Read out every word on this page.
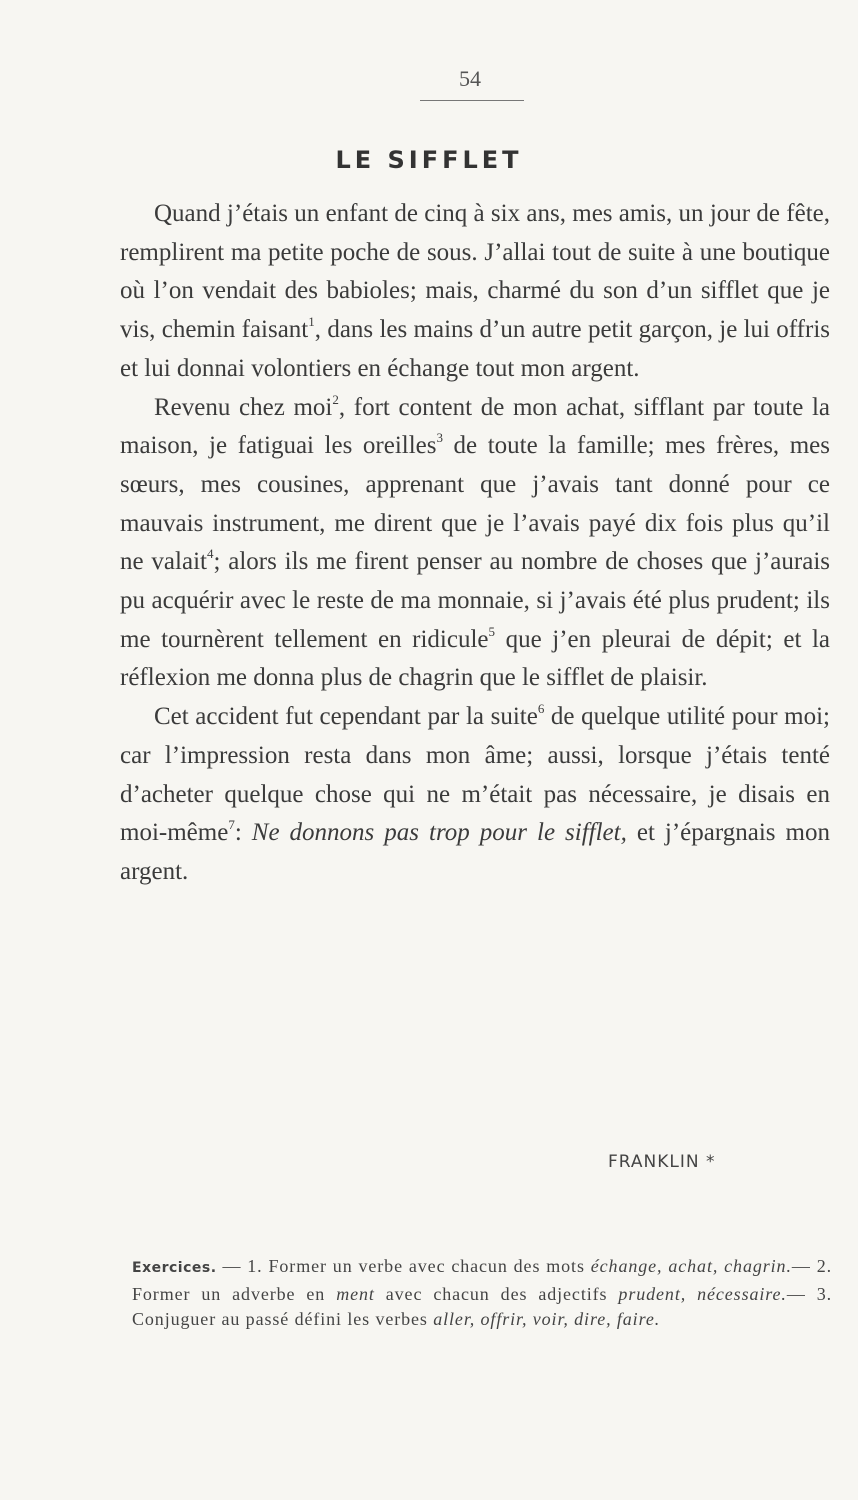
54
LE SIFFLET

Quand j’étais un enfant de cinq à six ans, mes amis, un jour de fête, remplirent ma petite poche de sous. J’allai tout de suite à une boutique où l’on vendait des babioles; mais, charmé du son d’un sifflet que je vis, chemin faisant$^1$, dans les mains d’un autre petit garçon, je lui offris et lui donnai volontiers en échange tout mon argent.

Revenu chez moi$^2$, fort content de mon achat, sifflant par toute la maison, je fatiguai les oreilles$^3$ de toute la famille; mes frères, mes sœurs, mes cousines, apprenant que j’avais tant donné pour ce mauvais instrument, me dirent que je l’avais payé dix fois plus qu’il ne valait$^4$; alors ils me firent penser au nombre de choses que j’aurais pu acquérir avec le reste de ma monnaie, si j’avais été plus prudent; ils me tournèrent tellement en ridicule$^5$ que j’en pleurai de dépit; et la réflexion me donna plus de chagrin que le sifflet de plaisir.

Cet accident fut cependant par la suite$^6$ de quelque utilité pour moi; car l’impression resta dans mon âme; aussi, lorsque j’étais tenté d’acheter quelque chose qui ne m’était pas nécessaire, je disais en moi-même$^7$: Ne donnons pas trop pour le sifflet, et j’épargnais mon argent.

FRANKLIN *
Exercices. — 1. Former un verbe avec chacun des mots échange, achat, chagrin.— 2. Former un adverbe en ment avec chacun des adjectifs prudent, nécessaire.— 3. Conjuguer au passé défini les verbes aller, offrir, voir, dire, faire.
